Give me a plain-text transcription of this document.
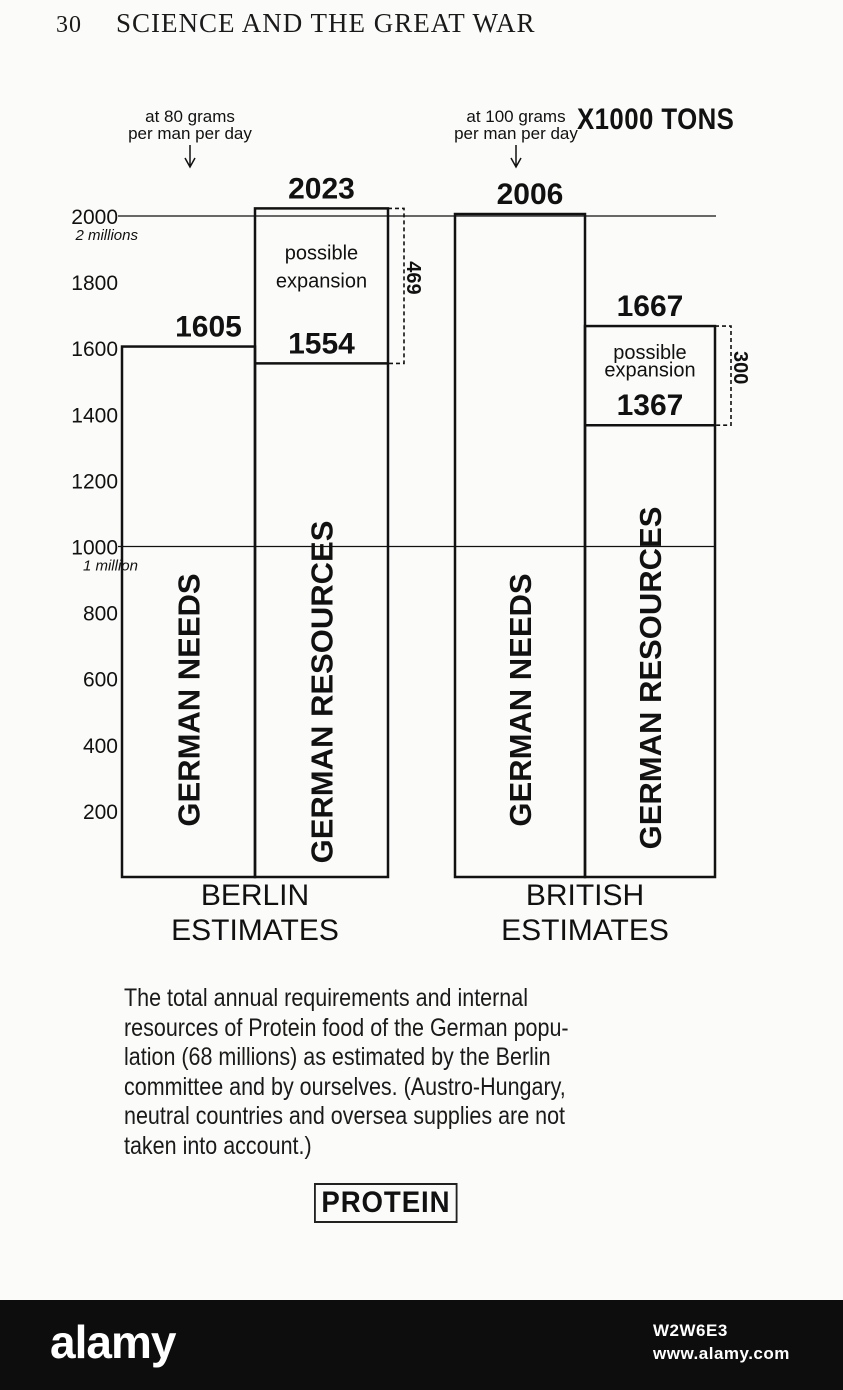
30 SCIENCE AND THE GREAT WAR
200
400
600
800
1000
1200
1400
1600
1800
2000
2 millions
1 million
1605
GERMAN NEEDS	GERMAN RESOURCES
possible
expansion
1554
2023
469
BERLIN
ESTIMATES
at 80 grams
per man per day
2006
GERMAN NEEDS	GERMAN RESOURCES
possible
expansion
1367
1667
300
BRITISH
ESTIMATES
at 100 grams
per man per day X1000 TONS
The total annual requirements and internal
resources of Protein food of the German popu-
lation (68 millions) as estimated by the Berlin
committee and by ourselves. (Austro-Hungary,
neutral countries and oversea supplies are not
taken into account.)
PROTEIN
alamy	W2W6E3
www.alamy.com
